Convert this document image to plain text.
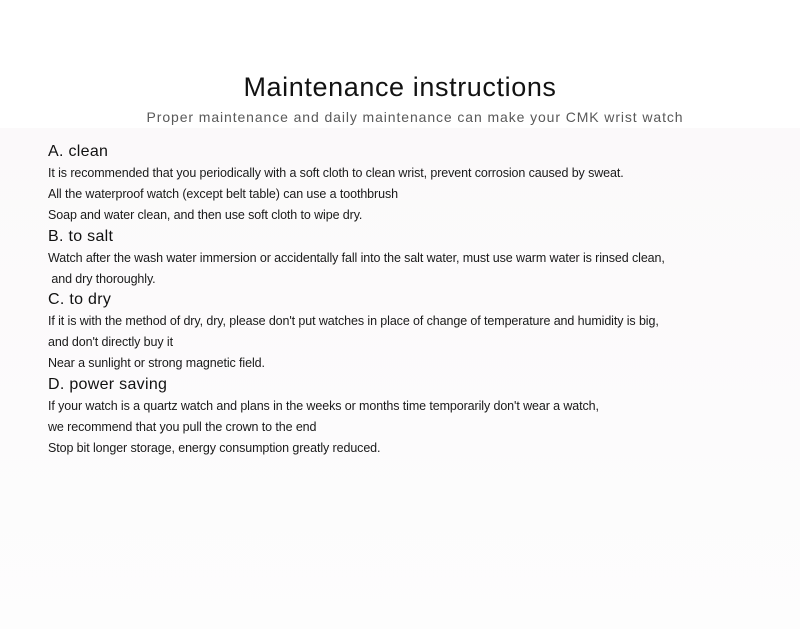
Maintenance instructions

Proper maintenance and daily maintenance can make your CMK wrist watch

A. clean
It is recommended that you periodically with a soft cloth to clean wrist, prevent corrosion caused by sweat.
All the waterproof watch (except belt table) can use a toothbrush
Soap and water clean, and then use soft cloth to wipe dry.
B. to salt
Watch after the wash water immersion or accidentally fall into the salt water, must use warm water is rinsed clean,
and dry thoroughly.
C. to dry
If it is with the method of dry, dry, please don't put watches in place of change of temperature and humidity is big,
and don't directly buy it
Near a sunlight or strong magnetic field.
D. power saving
If your watch is a quartz watch and plans in the weeks or months time temporarily don't wear a watch,
we recommend that you pull the crown to the end
Stop bit longer storage, energy consumption greatly reduced.
